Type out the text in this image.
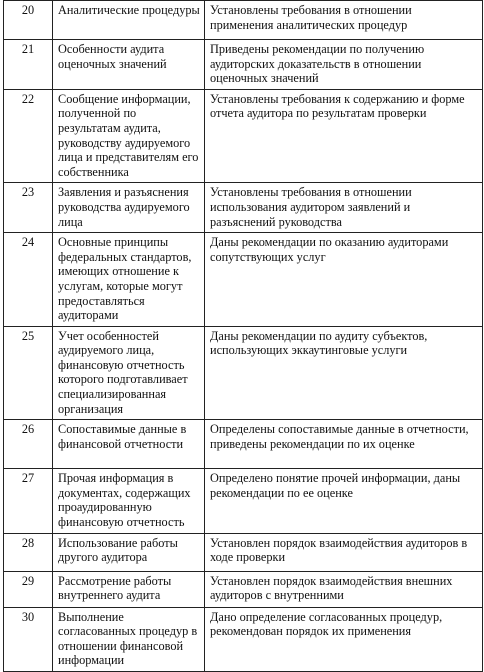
20	Аналитические процедуры	Установлены требования в отношении применения аналитических процедур
21	Особенности аудита оценочных значений	Приведены рекомендации по получению аудиторских доказательств в отношении оценочных значений
22	Сообщение информации, полученной по результатам аудита, руководству аудируемого лица и представителям его собственника	Установлены требования к содержанию и форме отчета аудитора по результатам проверки
23	Заявления и разъяснения руководства аудируемого лица	Установлены требования в отношении использования аудитором заявлений и разъяснений руководства
24	Основные принципы федеральных стандартов, имеющих отношение к услугам, которые могут предоставляться аудиторами	Даны рекомендации по оказанию аудиторами сопутствующих услуг
25	Учет особенностей аудируемого лица, финансовую отчетность которого подготавливает специализированная организация	Даны рекомендации по аудиту субъектов, использующих эккаутинговые услуги
26	Сопоставимые данные в финансовой отчетности	Определены сопоставимые данные в отчетности, приведены рекомендации по их оценке
27	Прочая информация в документах, содержащих проаудированную финансовую отчетность	Определено понятие прочей информации, даны рекомендации по ее оценке
28	Использование работы другого аудитора	Установлен порядок взаимодействия аудиторов в ходе проверки
29	Рассмотрение работы внутреннего аудита	Установлен порядок взаимодействия внешних аудиторов с внутренними
30	Выполнение согласованных процедур в отношении финансовой информации	Дано определение согласованных процедур, рекомендован порядок их применения
